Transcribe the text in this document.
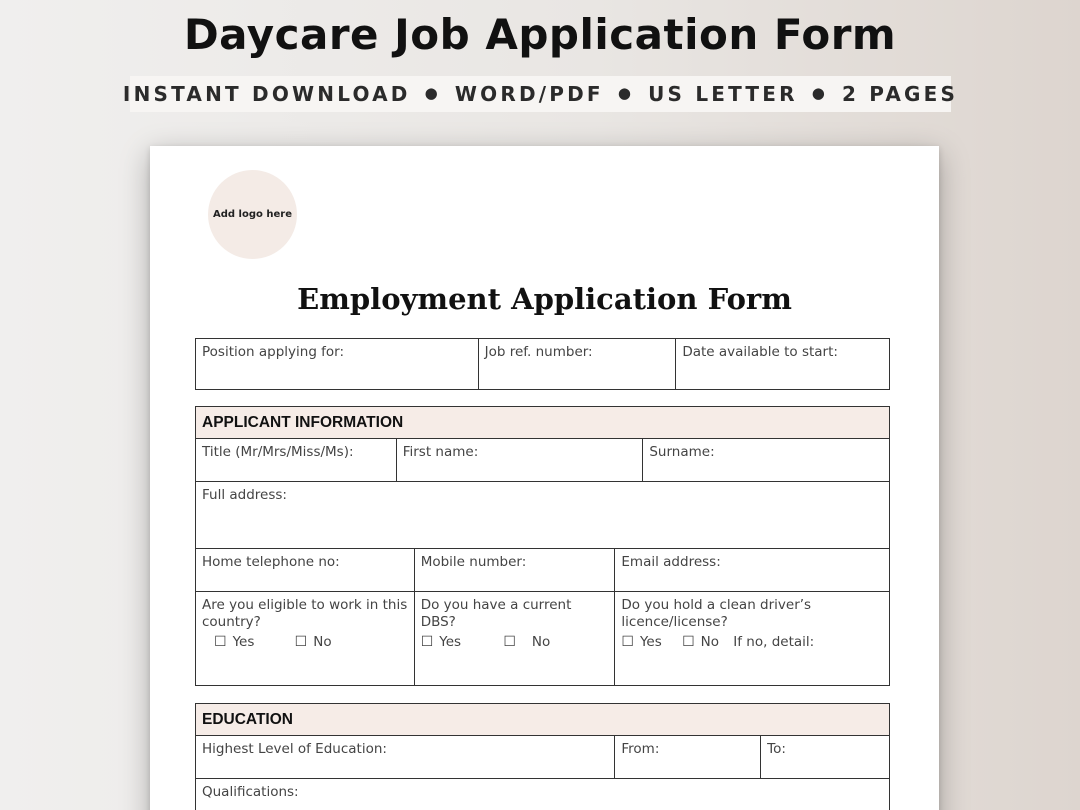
Daycare Job Application Form
INSTANT DOWNLOAD ● WORD/PDF ● US LETTER ● 2 PAGES
Add logo here
Employment Application Form
Position applying for:	Job ref. number:	Date available to start:
APPLICANT INFORMATION
Title (Mr/Mrs/Miss/Ms):	First name:	Surname:
Full address:
Home telephone no:	Mobile number:	Email address:
Are you eligible to work in this country?
☐ Yes	☐ No
Do you have a current DBS?
☐ Yes	☐ No
Do you hold a clean driver’s licence/license?
☐ Yes ☐ No If no, detail:
EDUCATION
Highest Level of Education:	From:	To:
Qualifications:
